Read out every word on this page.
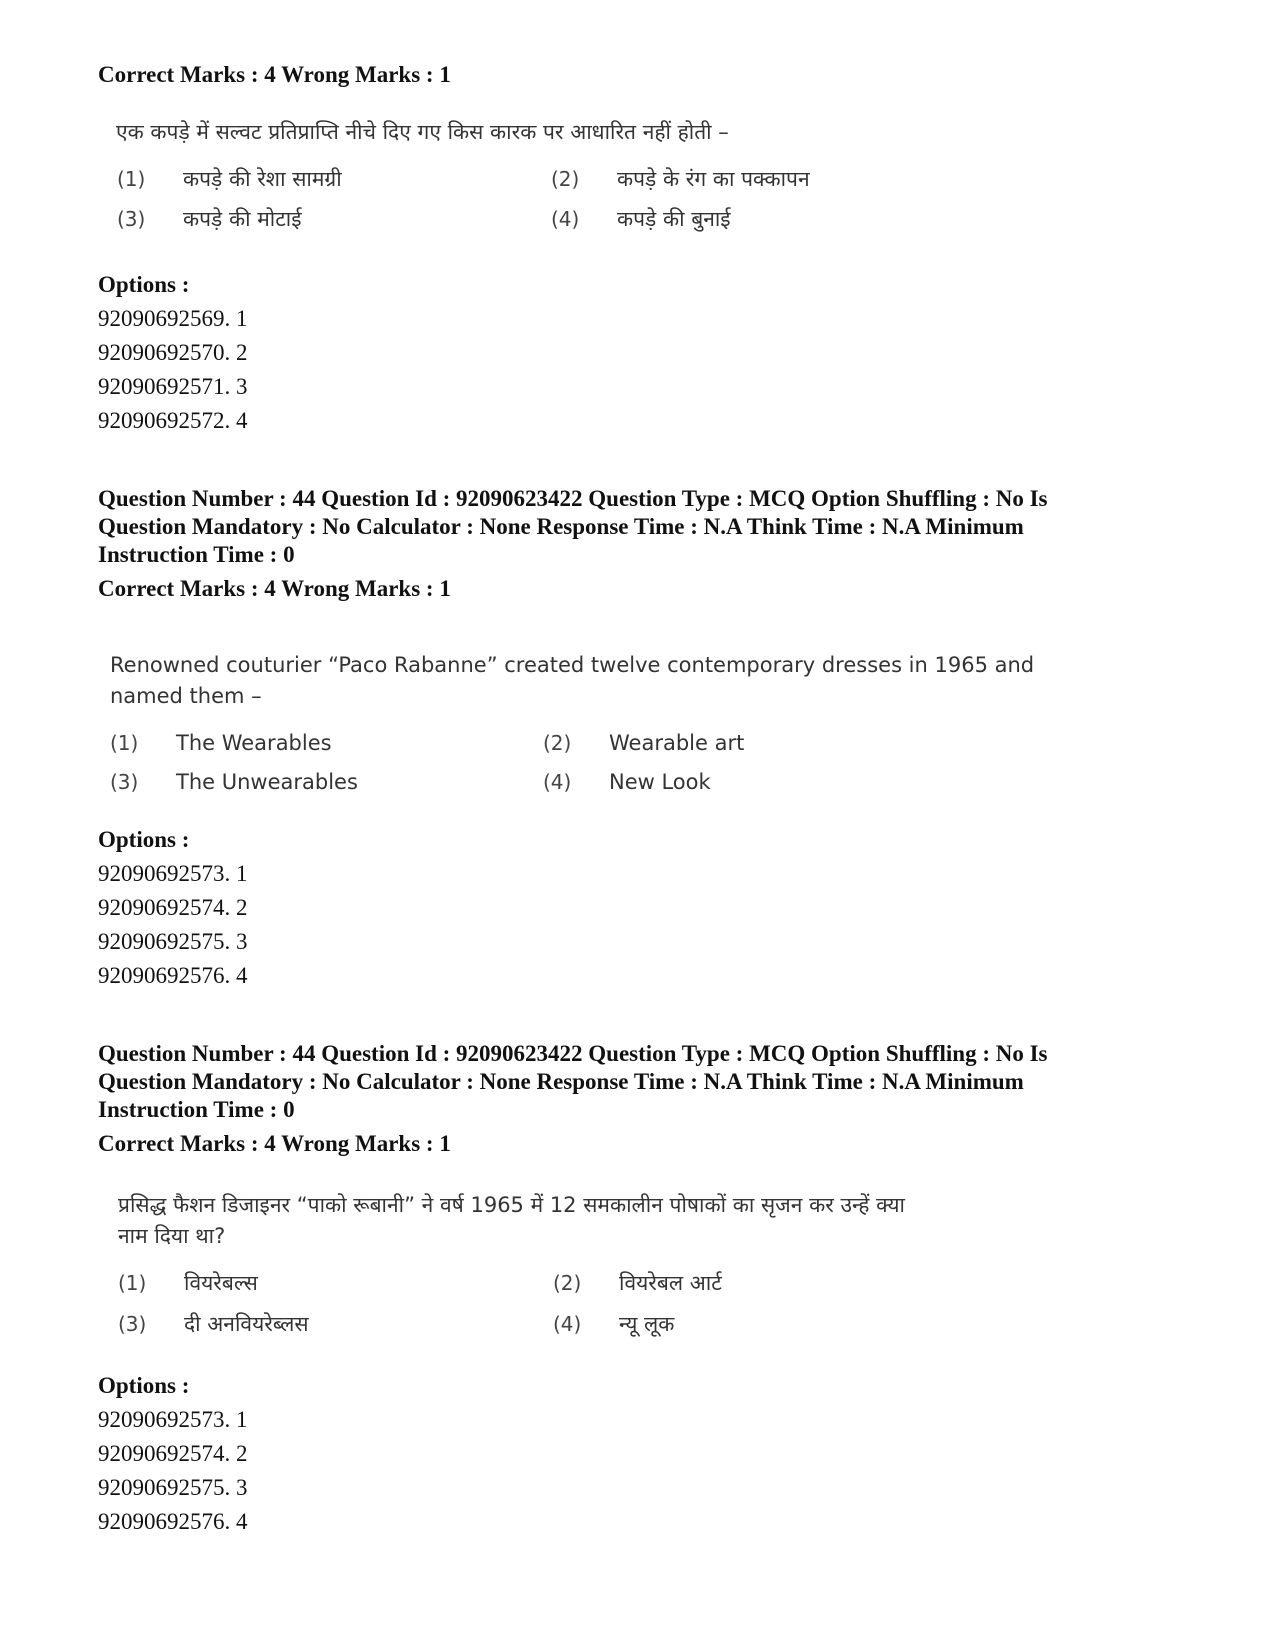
Correct Marks : 4 Wrong Marks : 1
एक कपड़े में सल्वट प्रतिप्राप्ति नीचे दिए गए किस कारक पर आधारित नहीं होती –
(1) कपड़े की रेशा सामग्री	(2) कपड़े के रंग का पक्कापन
(3) कपड़े की मोटाई	(4) कपड़े की बुनाई
Options :
92090692569. 1
92090692570. 2
92090692571. 3
92090692572. 4
Question Number : 44 Question Id : 92090623422 Question Type : MCQ Option Shuffling : No Is
Question Mandatory : No Calculator : None Response Time : N.A Think Time : N.A Minimum
Instruction Time : 0
Correct Marks : 4 Wrong Marks : 1
Renowned couturier “Paco Rabanne” created twelve contemporary dresses in 1965 and
named them –
(1) The Wearables	(2) Wearable art
(3) The Unwearables	(4) New Look
Options :
92090692573. 1
92090692574. 2
92090692575. 3
92090692576. 4
Question Number : 44 Question Id : 92090623422 Question Type : MCQ Option Shuffling : No Is
Question Mandatory : No Calculator : None Response Time : N.A Think Time : N.A Minimum
Instruction Time : 0
Correct Marks : 4 Wrong Marks : 1
प्रसिद्ध फैशन डिजाइनर “पाको रूबानी” ने वर्ष 1965 में 12 समकालीन पोषाकों का सृजन कर उन्हें क्या
नाम दिया था?
(1) वियरेबल्स	(2) वियरेबल आर्ट
(3) दी अनवियरेब्लस	(4) न्यू लूक
Options :
92090692573. 1
92090692574. 2
92090692575. 3
92090692576. 4
